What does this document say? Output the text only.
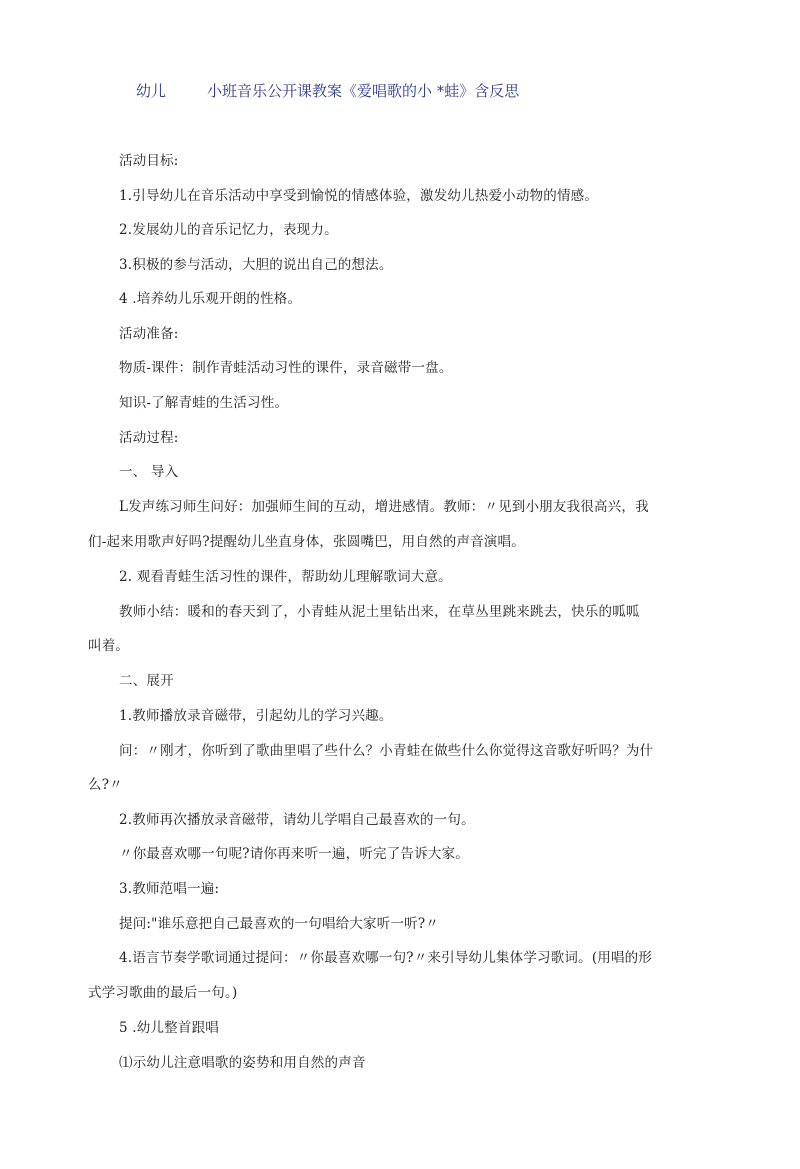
幼儿	小班音乐公开课教案《爱唱歌的小 *蛙》含反思
活动目标:
1.引导幼儿在音乐活动中享受到愉悦的情感体验，激发幼儿热爱小动物的情感。
2.发展幼儿的音乐记忆力，表现力。
3.积极的参与活动，大胆的说出自己的想法。
4 .培养幼儿乐观开朗的性格。
活动准备:
物质-课件：制作青蛙活动习性的课件，录音磁带一盘。
知识-了解青蛙的生活习性。
活动过程:
一、 导入
L发声练习师生问好：加强师生间的互动，增进感情。教师：〃见到小朋友我很高兴，我
们-起来用歌声好吗?提醒幼儿坐直身体，张圆嘴巴，用自然的声音演唱。
2. 观看青蛙生活习性的课件，帮助幼儿理解歌词大意。
教师小结：暖和的春天到了，小青蛙从泥土里钻出来，在草丛里跳来跳去，快乐的呱呱
叫着。
二、展开
1.教师播放录音磁带，引起幼儿的学习兴趣。
问：〃刚才，你听到了歌曲里唱了些什么？小青蛙在做些什么你觉得这音歌好听吗？为什
么?〃
2.教师再次播放录音磁带，请幼儿学唱自己最喜欢的一句。
〃你最喜欢哪一句呢?请你再来听一遍，听完了告诉大家。
3.教师范唱一遍:
提问:"谁乐意把自己最喜欢的一句唱给大家听一听?〃
4.语言节奏学歌词通过提问：〃你最喜欢哪一句?〃来引导幼儿集体学习歌词。(用唱的形
式学习歌曲的最后一句。)
5 .幼儿整首跟唱
⑴示幼儿注意唱歌的姿势和用自然的声音
